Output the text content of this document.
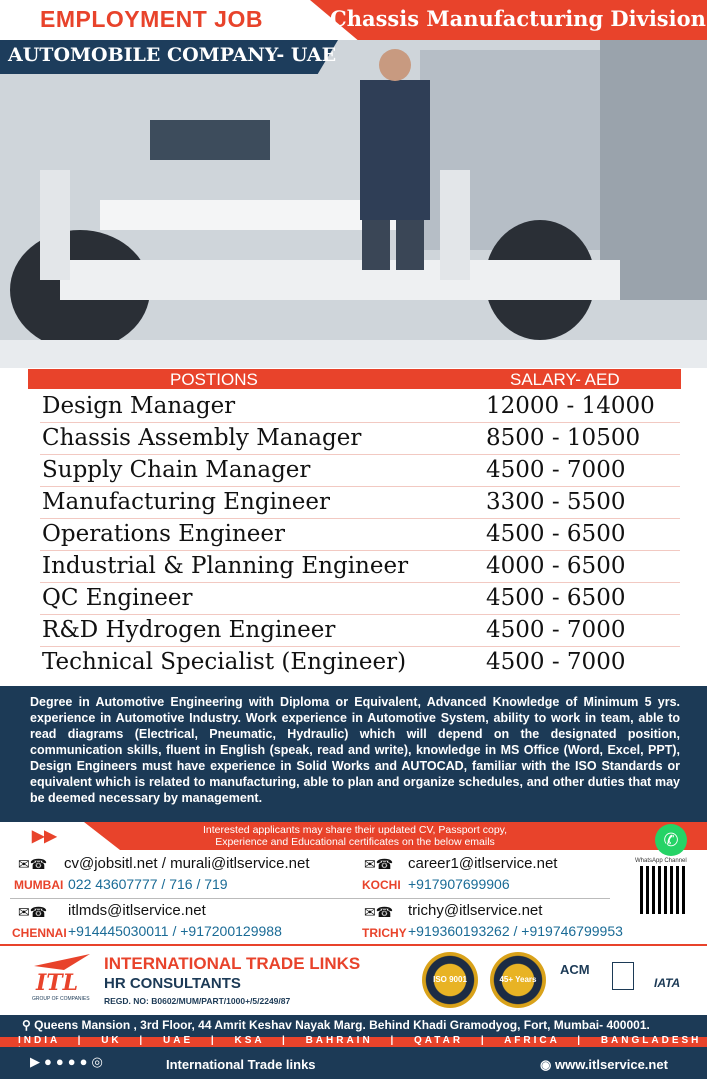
EMPLOYMENT JOB	Chassis Manufacturing Division
AUTOMOBILE COMPANY- UAE
POSTIONS	SALARY- AED
Design Manager	12000 - 14000
Chassis Assembly Manager	8500 - 10500
Supply Chain Manager	4500 - 7000
Manufacturing Engineer	3300 - 5500
Operations Engineer	4500 - 6500
Industrial & Planning Engineer	4000 - 6500
QC Engineer	4500 - 6500
R&D Hydrogen Engineer	4500 - 7000
Technical Specialist (Engineer)	4500 - 7000
Degree in Automotive Engineering with Diploma or Equivalent, Advanced Knowledge of Minimum 5 yrs. experience in Automotive Industry. Work experience in Automotive System, ability to work in team, able to read diagrams (Electrical, Pneumatic, Hydraulic) which will depend on the designated position, communication skills, fluent in English (speak, read and write), knowledge in MS Office (Word, Excel, PPT), Design Engineers must have experience in Solid Works and AUTOCAD, familiar with the ISO Standards or equivalent which is related to manufacturing, able to plan and organize schedules, and other duties that may be deemed necessary by management.
▶▶	Interested applicants may share their updated CV, Passport copy,
Experience and Educational certificates on the below emails	✆
WhatsApp Channel
✉☎ cv@jobsitl.net / murali@itlservice.net
MUMBAI 022 43607777 / 716 / 719
✉☎ career1@itlservice.net
KOCHI +917907699906
✉☎ itlmds@itlservice.net
CHENNAI +914445030011 / +917200129988
✉☎ trichy@itlservice.net
TRICHY +919360193262 / +919746799953
ITL
GROUP OF COMPANIES
INTERNATIONAL TRADE LINKS
HR CONSULTANTS
REGD. NO: B0602/MUM/PART/1000+/5/2249/87
ISO 9001	45+ Years
ACM
IATA
⚲ Queens Mansion , 3rd Floor, 44 Amrit Keshav Nayak Marg. Behind Khadi Gramodyog, Fort, Mumbai- 400001.
INDIA | UK | UAE | KSA | BAHRAIN | QATAR | AFRICA | BANGLADESH
▶●●●●◎	International Trade links	◉ www.itlservice.net
